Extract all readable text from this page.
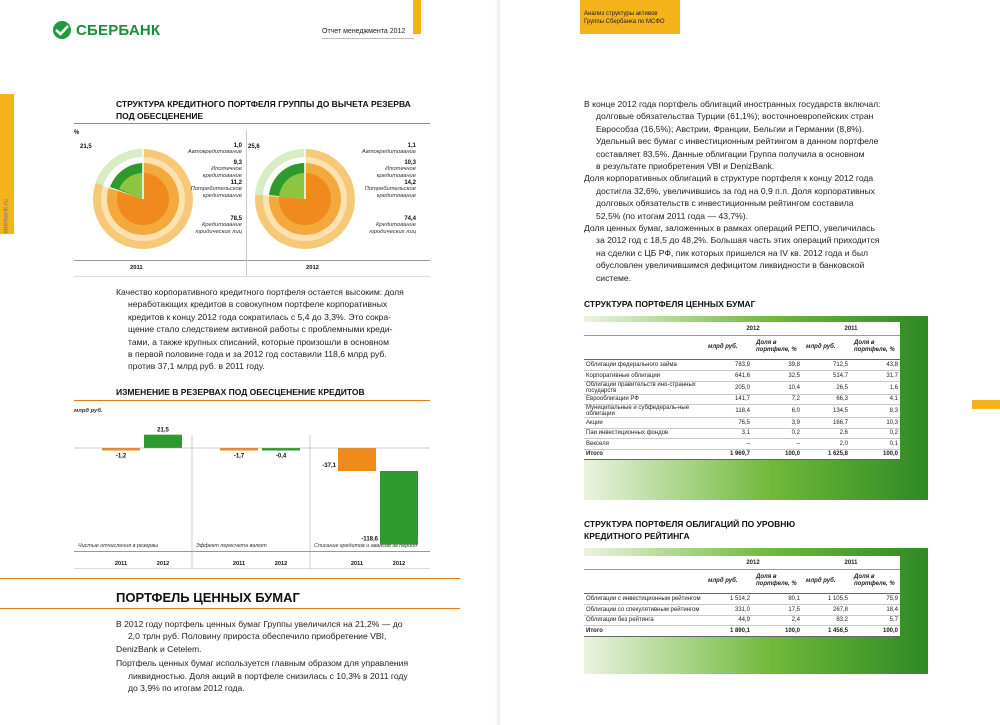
sberbank.ru
СБЕРБАНК	Отчет менеджмента 2012
СТРУКТУРА КРЕДИТНОГО ПОРТФЕЛЯ ГРУППЫ ДО ВЫЧЕТА РЕЗЕРВА
ПОД ОБЕСЦЕНЕНИЕ
%
21,5	1,0
Автокредитование
9,3
Ипотечное кредитование
11,2
Потребительское кредитование
78,5
Кредитование юридических лиц
25,6	1,1
Автокредитование
10,3
Ипотечное кредитование
14,2
Потребительское кредитование
74,4
Кредитование юридических лиц
2011	2012
Качество корпоративного кредитного портфеля остается высоким: доля
неработающих кредитов в совокупном портфеле корпоративных
кредитов к концу 2012 года сократилась с 5,4 до 3,3%. Это сокра-
щение стало следствием активной работы с проблемными креди-
тами, а также крупных списаний, которые произошли в основном
в первой половине года и за 2012 год составили 118,6 млрд руб.
против 37,1 млрд руб. в 2011 году.
ИЗМЕНЕНИЕ В РЕЗЕРВАХ ПОД ОБЕСЦЕНЕНИЕ КРЕДИТОВ
млрд руб.
-1,2
21,5
Чистые отчисления в резервы
2011	2012
-1,7	-0,4
Эффект пересчета валют
2011	2012
-37,1
-118,6
Списание кредитов и авансов за период
2011	2012
ПОРТФЕЛЬ ЦЕННЫХ БУМАГ
В 2012 году портфель ценных бумаг Группы увеличился на 21,2% — до
2,0 трлн руб. Половину прироста обеспечило приобретение VBI,
DenizBank и Cetelem.
Портфель ценных бумаг используется главным образом для управления
ликвидностью. Доля акций в портфеле снизилась с 10,3% в 2011 году
до 3,9% по итогам 2012 года.
Анализ структуры активов
Группы Сбербанка по МСФО
В конце 2012 года портфель облигаций иностранных государств включал:
долговые обязательства Турции (61,1%); восточноевропейских стран
Еврособза (16,5%); Австрии, Франции, Бельгии и Германии (8,8%).
Удельный вес бумаг с инвестиционным рейтингом в данном портфеле
составляет 83,5%. Данные облигации Группа получила в основном
в результате приобретения VBI и DenizBank.
Доля корпоративных облигаций в структуре портфеля к концу 2012 года
достигла 32,6%, увеличившись за год на 0,9 п.п. Доля корпоративных
долговых обязательств с инвестиционным рейтингом составила
52,5% (по итогам 2011 года — 43,7%).
Доля ценных бумаг, заложенных в рамках операций РЕПО, увеличилась
за 2012 год с 18,5 до 48,2%. Большая часть этих операций приходится
на сделки с ЦБ РФ, пик которых пришелся на IV кв. 2012 года и был
обусловлен увеличившимся дефицитом ликвидности в банковской
системе.
СТРУКТУРА ПОРТФЕЛЯ ЦЕННЫХ БУМАГ
2012	2011
млрд руб.
Доля в портфеле, %	млрд руб.
Доля в портфеле, %
Облигации федерального займа	783,9	39,8	712,5	43,8
Корпоративные облигации	641,6	32,5	514,7	31,7
Облигации правительств ино-странных государств	205,0	10,4	26,5	1,6
Еврооблигации РФ	141,7	7,2	66,3	4,1
Муниципальные и субфедераль-ные облигации	118,4	6,0	134,5	8,3
Акции	76,5	3,9	166,7	10,3
Паи инвестиционных фондов	3,1	0,2	2,6	0,2
Векселя	–	–	2,0	0,1
Итого	1 969,7	100,0	1 625,8	100,0
СТРУКТУРА ПОРТФЕЛЯ ОБЛИГАЦИЙ ПО УРОВНЮ
КРЕДИТНОГО РЕЙТИНГА
2012	2011
млрд руб.
Доля в портфеле, %	млрд руб.
Доля в портфеле, %
Облигации с инвестиционным рейтингом	1 514,2	80,1	1 105,5	75,9
Облигации со спекулятивным рейтингом	331,0	17,5	267,8	18,4
Облигации без рейтинга	44,9	2,4	83,2	5,7
Итого	1 890,1	100,0	1 456,5	100,0
